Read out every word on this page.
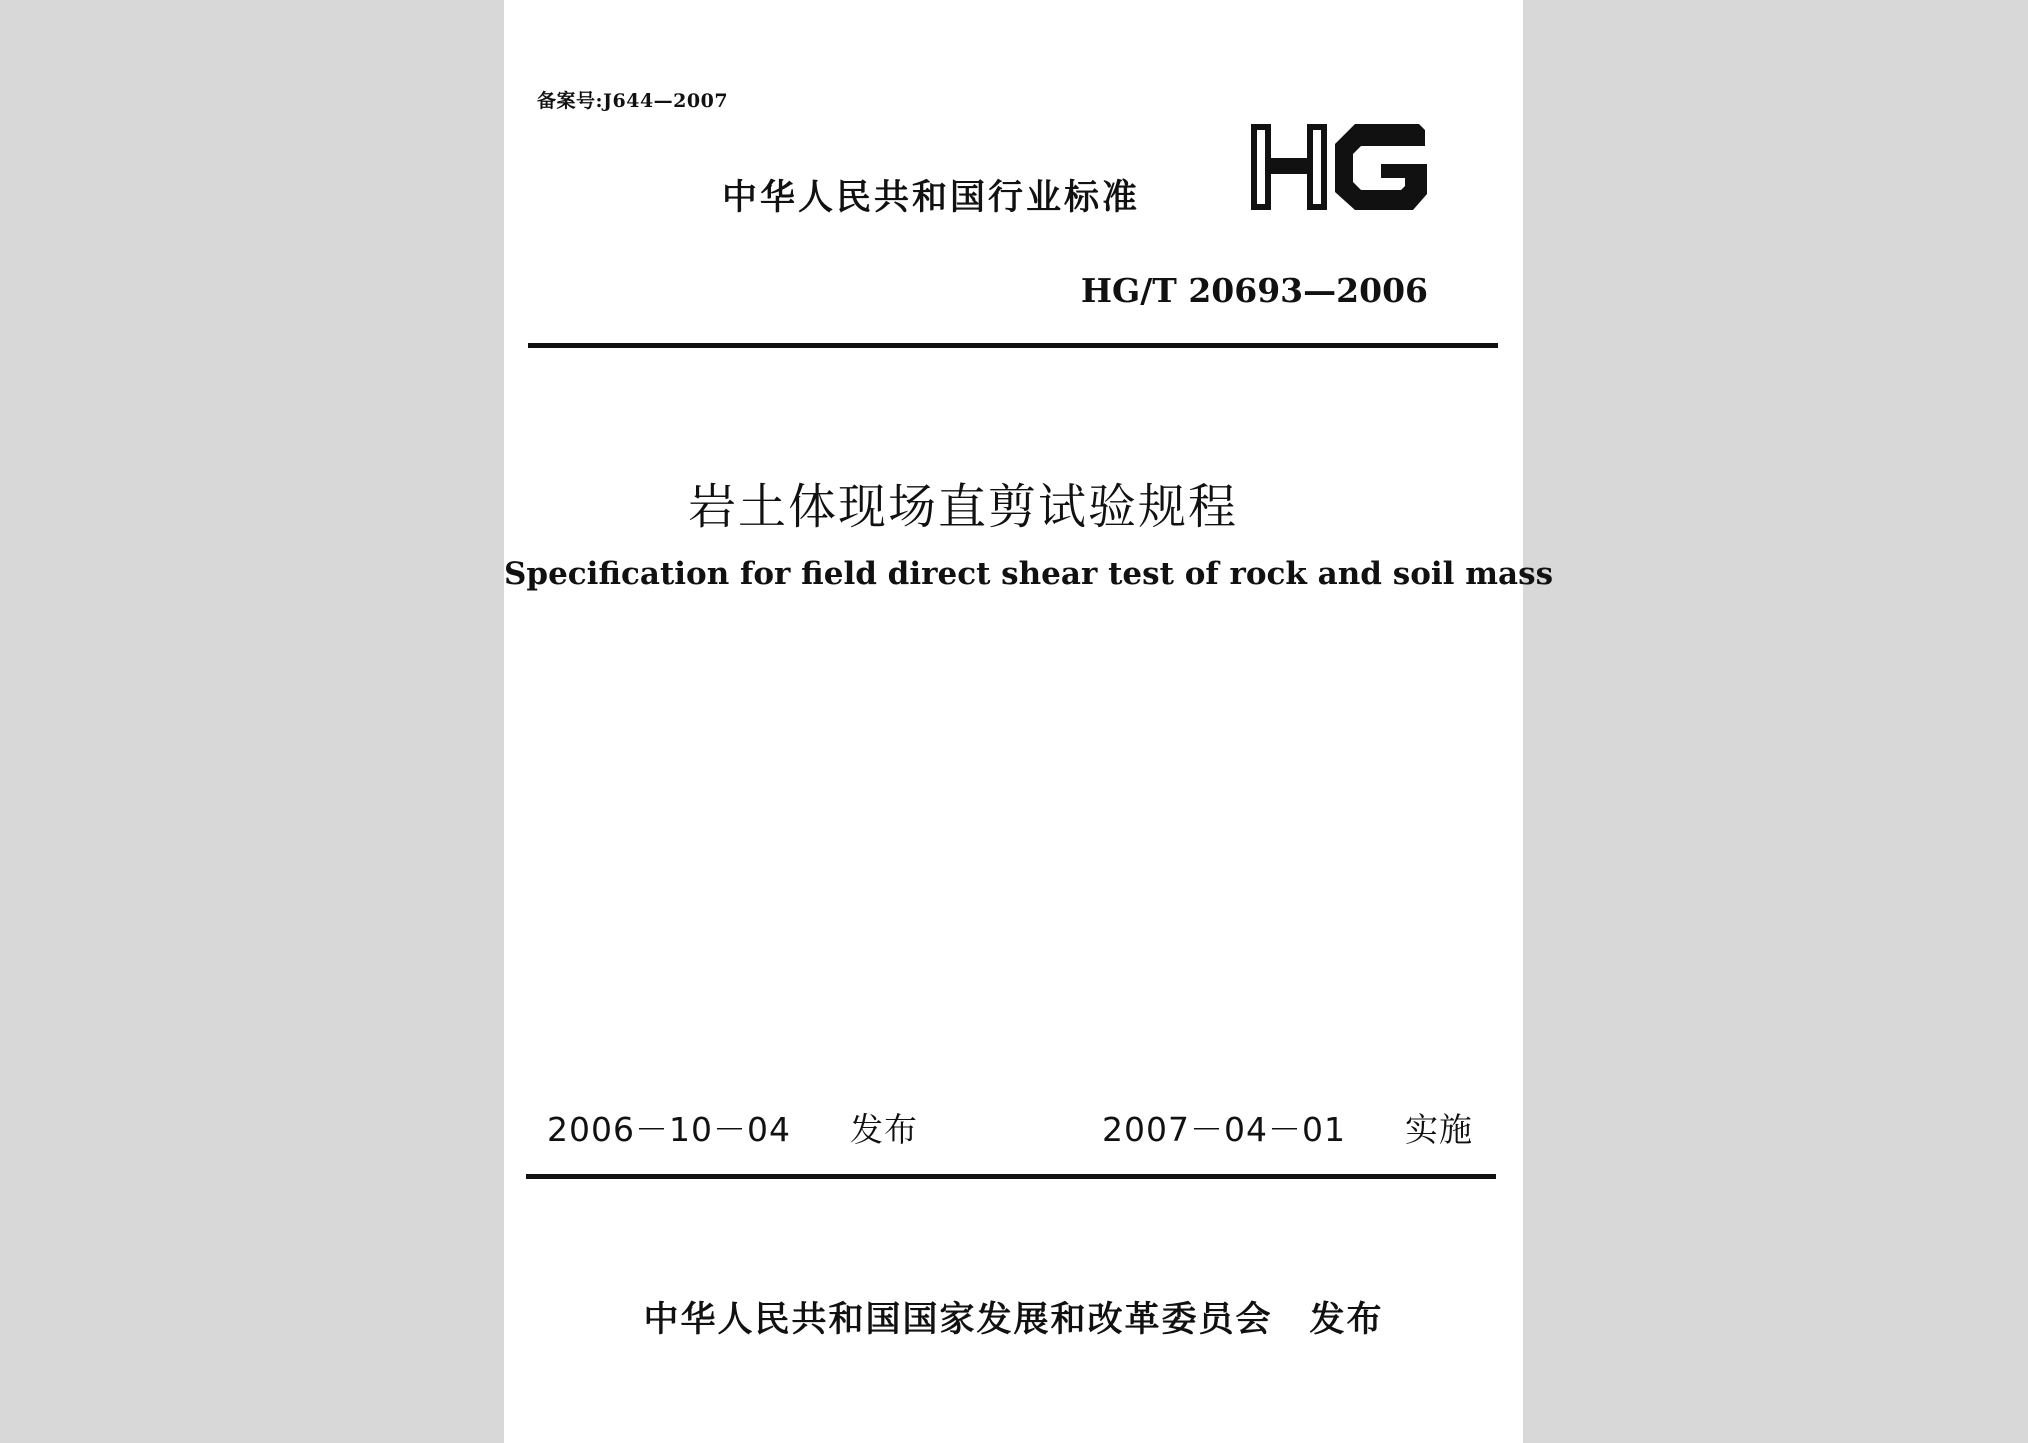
备案号:J644—2007
中华人民共和国行业标准
HG/T 20693—2006
岩土体现场直剪试验规程
Specification for field direct shear test of rock and soil mass
2006－10－04 发布	2007－04－01 实施
中华人民共和国国家发展和改革委员会　发布
